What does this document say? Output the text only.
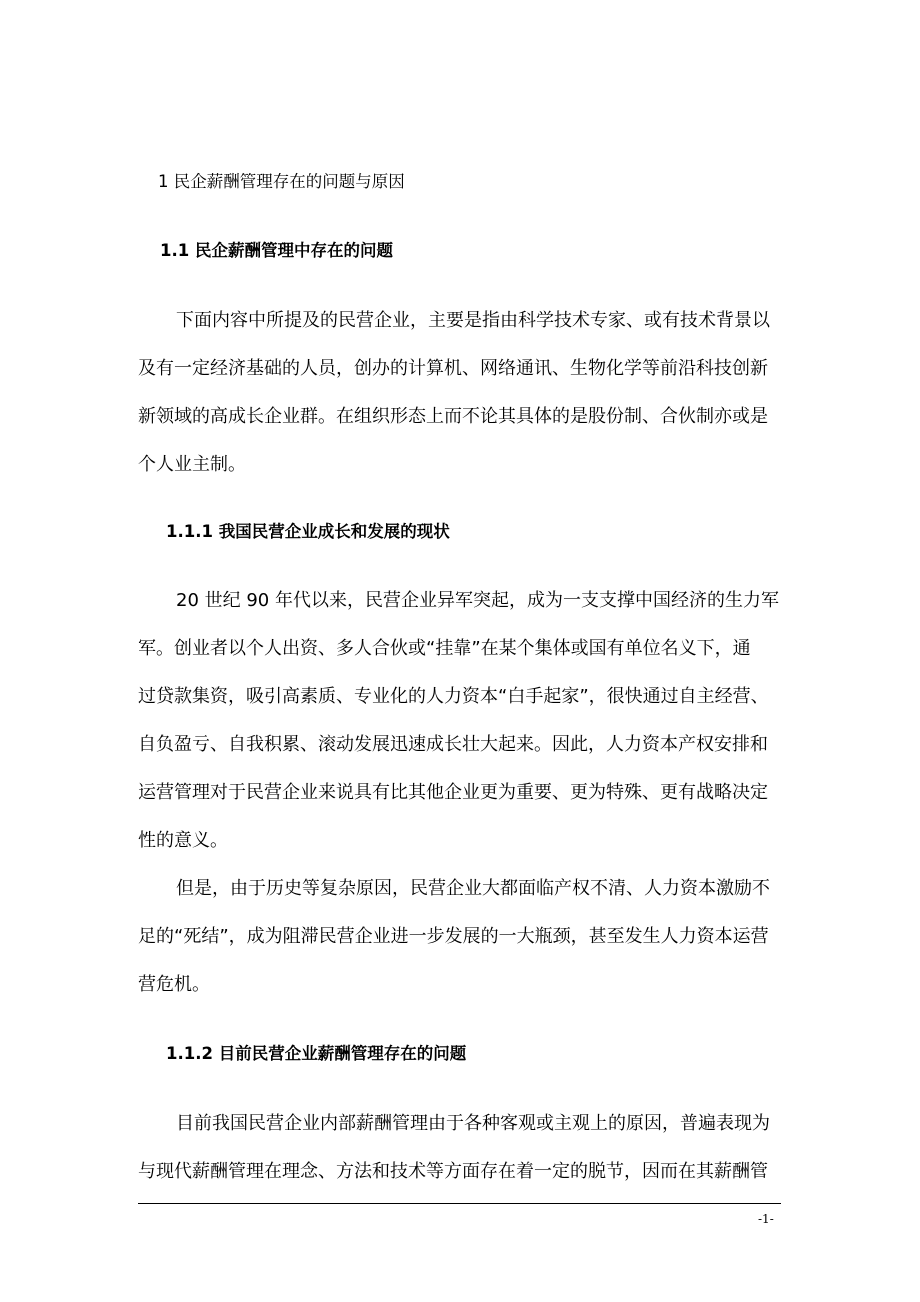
1 民企薪酬管理存在的问题与原因
1.1 民企薪酬管理中存在的问题
下面内容中所提及的民营企业，主要是指由科学技术专家、或有技术背景以
及有一定经济基础的人员，创办的计算机、网络通讯、生物化学等前沿科技创新
新领域的高成长企业群。在组织形态上而不论其具体的是股份制、合伙制亦或是
个人业主制。
1.1.1 我国民营企业成长和发展的现状
20 世纪 90 年代以来，民营企业异军突起，成为一支支撑中国经济的生力军
军。创业者以个人出资、多人合伙或“挂靠”在某个集体或国有单位名义下，通
过贷款集资，吸引高素质、专业化的人力资本“白手起家”，很快通过自主经营、
自负盈亏、自我积累、滚动发展迅速成长壮大起来。因此，人力资本产权安排和
运营管理对于民营企业来说具有比其他企业更为重要、更为特殊、更有战略决定
性的意义。
但是，由于历史等复杂原因，民营企业大都面临产权不清、人力资本激励不
足的“死结”，成为阻滞民营企业进一步发展的一大瓶颈，甚至发生人力资本运营
营危机。
1.1.2 目前民营企业薪酬管理存在的问题
目前我国民营企业内部薪酬管理由于各种客观或主观上的原因，普遍表现为
与现代薪酬管理在理念、方法和技术等方面存在着一定的脱节，因而在其薪酬管
-1-
